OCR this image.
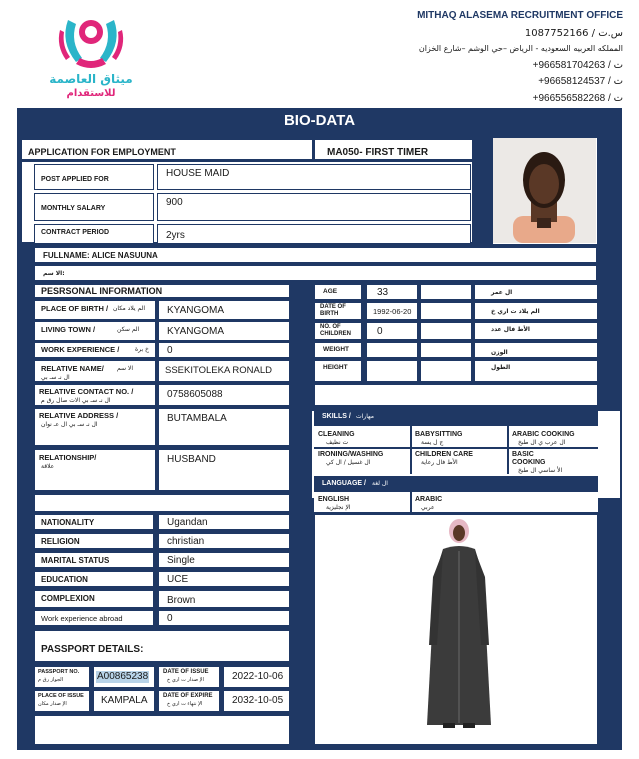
ميثاق العاصمة
للاستقدام
MITHAQ ALASEMA RECRUITMENT OFFICE
س.ت / 1087752166
المملكه العربيه السعوديه - الرياض –حي الوشم –شارع الخزان
+966581704263 / ت
+96658124537 / ت
+966556582268 / ت
BIO-DATA
APPLICATION FOR EMPLOYMENT	MA050- FIRST TIMER
POST APPLIED FOR
HOUSE MAID
MONTHLY SALARY
900
CONTRACT PERIOD	2yrs
FULLNAME: ALICE NASUUNA
الا سم:
PESRSONAL INFORMATION
PLACE OF BIRTH / الم يلاد مكان KYANGOMA
LIVING TOWN /	الم سكن	KYANGOMA
WORK EXPERIENCE /	خ برة 0
RELATIVE NAME/ الا سم
ال نـ سـ بي
SSEKITOLEKA RONALD
RELATIVE CONTACT NO. /
ال نـ سـ بي الات صال رق م
0758605088
RELATIVE ADDRESS /
ال نـ سـ بي ال عـ نوان
BUTAMBALA
RELATIONSHIP/
علاقة
HUSBAND
AGE	33	ال عمر
DATE OF
BIRTH	1992-06-20	الم يلاد ت اري خ
NO. OF
CHILDREN	0	الأط فال عدد
WEIGHT	الوزن
HEIGHT	الطول
SKILLS / مهارات
CLEANING
ت نظيف
BABYSITTING
ج ل يسة
ARABIC COOKING
ال عرب ي ال طبخ
IRONING/WASHING
ال غسيل / ال كي
CHILDREN CARE
الأط فال رعاية
BASIC
COOKING
الأ ساسي ال طبخ
LANGUAGE / ال لغة
ENGLISH
الإ نجليزية
ARABIC
عربي
NATIONALITY	Ugandan
RELIGION	christian
MARITAL STATUS	Single
EDUCATION	UCE
COMPLEXION	Brown
Work experience abroad	0
PASSPORT DETAILS:
PASSPORT NO.
الجواز رق م	A00865238 DATE OF ISSUE
الإ صدار ت اري خ	2022-10-06
PLACE OF ISSUE
الإ صدار مكان	KAMPALA	DATE OF EXPIRE
الإ نتهاء ت اري خ	2032-10-05
